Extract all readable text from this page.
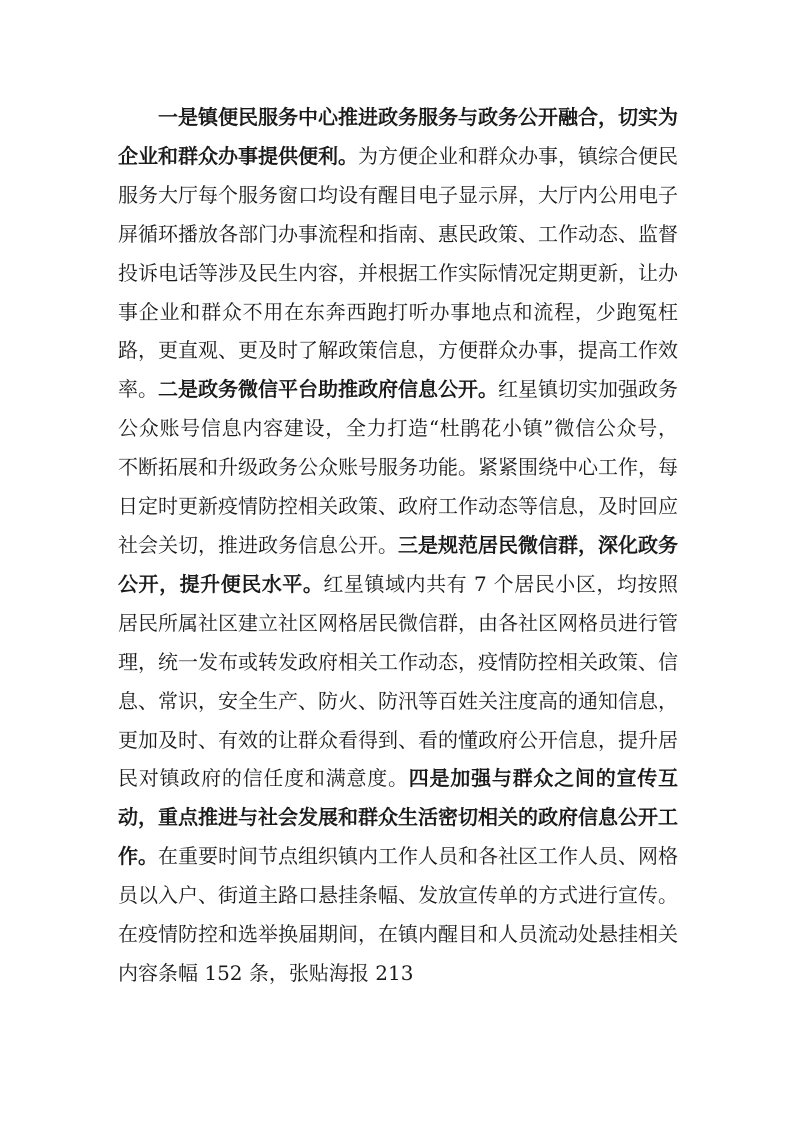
一是镇便民服务中心推进政务服务与政务公开融合，切实为企业和群众办事提供便利。为方便企业和群众办事，镇综合便民服务大厅每个服务窗口均设有醒目电子显示屏，大厅内公用电子屏循环播放各部门办事流程和指南、惠民政策、工作动态、监督投诉电话等涉及民生内容，并根据工作实际情况定期更新，让办事企业和群众不用在东奔西跑打听办事地点和流程，少跑冤枉路，更直观、更及时了解政策信息，方便群众办事，提高工作效率。二是政务微信平台助推政府信息公开。红星镇切实加强政务公众账号信息内容建设，全力打造“杜鹃花小镇”微信公众号，不断拓展和升级政务公众账号服务功能。紧紧围绕中心工作，每日定时更新疫情防控相关政策、政府工作动态等信息，及时回应社会关切，推进政务信息公开。三是规范居民微信群，深化政务公开，提升便民水平。红星镇域内共有 7 个居民小区，均按照居民所属社区建立社区网格居民微信群，由各社区网格员进行管理，统一发布或转发政府相关工作动态，疫情防控相关政策、信息、常识，安全生产、防火、防汛等百姓关注度高的通知信息，更加及时、有效的让群众看得到、看的懂政府公开信息，提升居民对镇政府的信任度和满意度。四是加强与群众之间的宣传互动，重点推进与社会发展和群众生活密切相关的政府信息公开工作。在重要时间节点组织镇内工作人员和各社区工作人员、网格员以入户、街道主路口悬挂条幅、发放宣传单的方式进行宣传。在疫情防控和选举换届期间，在镇内醒目和人员流动处悬挂相关内容条幅 152 条，张贴海报 213
